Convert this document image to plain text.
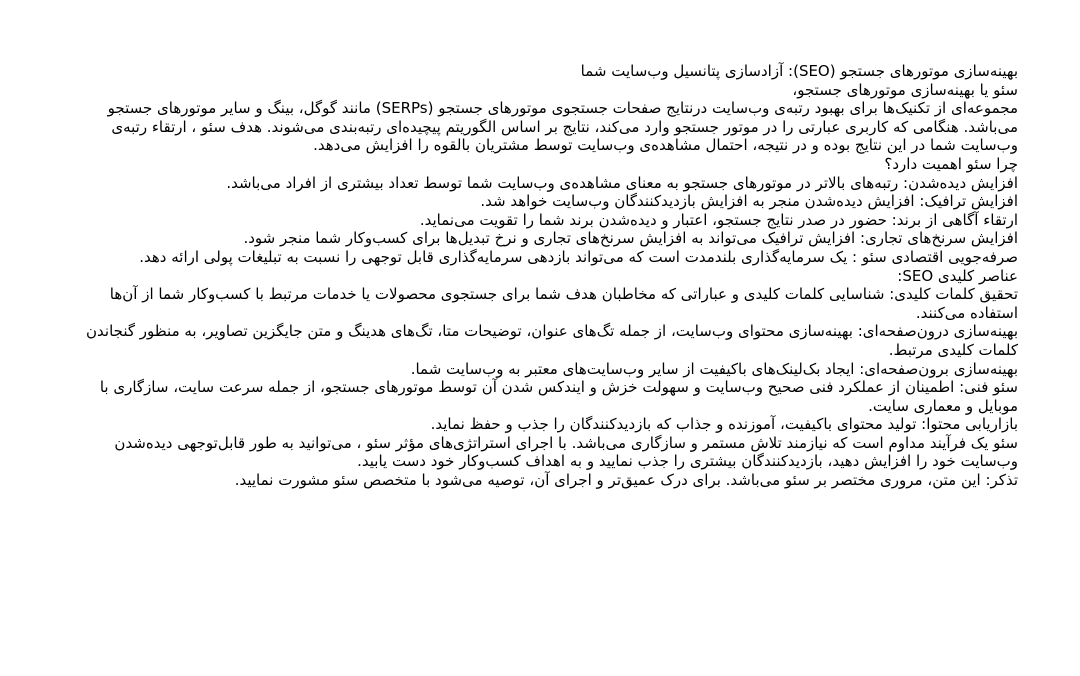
بهینه‌سازی موتورهای جستجو (SEO): آزادسازی پتانسیل وب‌سایت شما

سئو یا بهینه‌سازی موتورهای جستجو،

مجموعه‌ای از تکنیک‌ها برای بهبود رتبه‌ی وب‌سایت درنتایج صفحات جستجوی موتورهای جستجو (SERPs) مانند گوگل، بینگ و سایر موتورهای جستجو می‌باشد. هنگامی که کاربری عبارتی را در موتور جستجو وارد می‌کند، نتایج بر اساس الگوریتم پیچیده‌ای رتبه‌بندی می‌شوند. هدف سئو ، ارتقاء رتبه‌ی وب‌سایت شما در این نتایج بوده و در نتیجه، احتمال مشاهده‌ی وب‌سایت توسط مشتریان بالقوه را افزایش می‌دهد.

چرا سئو اهمیت دارد؟

افزایش دیده‌شدن: رتبه‌های بالاتر در موتورهای جستجو به معنای مشاهده‌ی وب‌سایت شما توسط تعداد بیشتری از افراد می‌باشد.

افزایش ترافیک: افزایش دیده‌شدن منجر به افزایش بازدیدکنندگان وب‌سایت خواهد شد.

ارتقاء آگاهی از برند: حضور در صدر نتایج جستجو، اعتبار و دیده‌شدن برند شما را تقویت می‌نماید.

افزایش سرنخ‌های تجاری: افزایش ترافیک می‌تواند به افزایش سرنخ‌های تجاری و نرخ تبدیل‌ها برای کسب‌وکار شما منجر شود.

صرفه‌جویی اقتصادی سئو : یک سرمایه‌گذاری بلندمدت است که می‌تواند بازدهی سرمایه‌گذاری قابل توجهی را نسبت به تبلیغات پولی ارائه دهد.

عناصر کلیدی SEO:

تحقیق کلمات کلیدی: شناسایی کلمات کلیدی و عباراتی که مخاطبان هدف شما برای جستجوی محصولات یا خدمات مرتبط با کسب‌وکار شما از آن‌ها استفاده می‌کنند.

بهینه‌سازی درون‌صفحه‌ای: بهینه‌سازی محتوای وب‌سایت، از جمله تگ‌های عنوان، توضیحات متا، تگ‌های هدینگ و متن جایگزین تصاویر، به منظور گنجاندن کلمات کلیدی مرتبط.

بهینه‌سازی برون‌صفحه‌ای: ایجاد بک‌لینک‌های باکیفیت از سایر وب‌سایت‌های معتبر به وب‌سایت شما.

سئو فنی: اطمینان از عملکرد فنی صحیح وب‌سایت و سهولت خزش و ایندکس شدن آن توسط موتورهای جستجو، از جمله سرعت سایت، سازگاری با موبایل و معماری سایت.

بازاریابی محتوا: تولید محتوای باکیفیت، آموزنده و جذاب که بازدیدکنندگان را جذب و حفظ نماید.

سئو یک فرآیند مداوم است که نیازمند تلاش مستمر و سازگاری می‌باشد. با اجرای استراتژی‌های مؤثر سئو ، می‌توانید به طور قابل‌توجهی دیده‌شدن وب‌سایت خود را افزایش دهید، بازدیدکنندگان بیشتری را جذب نمایید و به اهداف کسب‌وکار خود دست یابید.

تذکر: این متن، مروری مختصر بر سئو می‌باشد. برای درک عمیق‌تر و اجرای آن، توصیه می‌شود با متخصص سئو مشورت نمایید.
